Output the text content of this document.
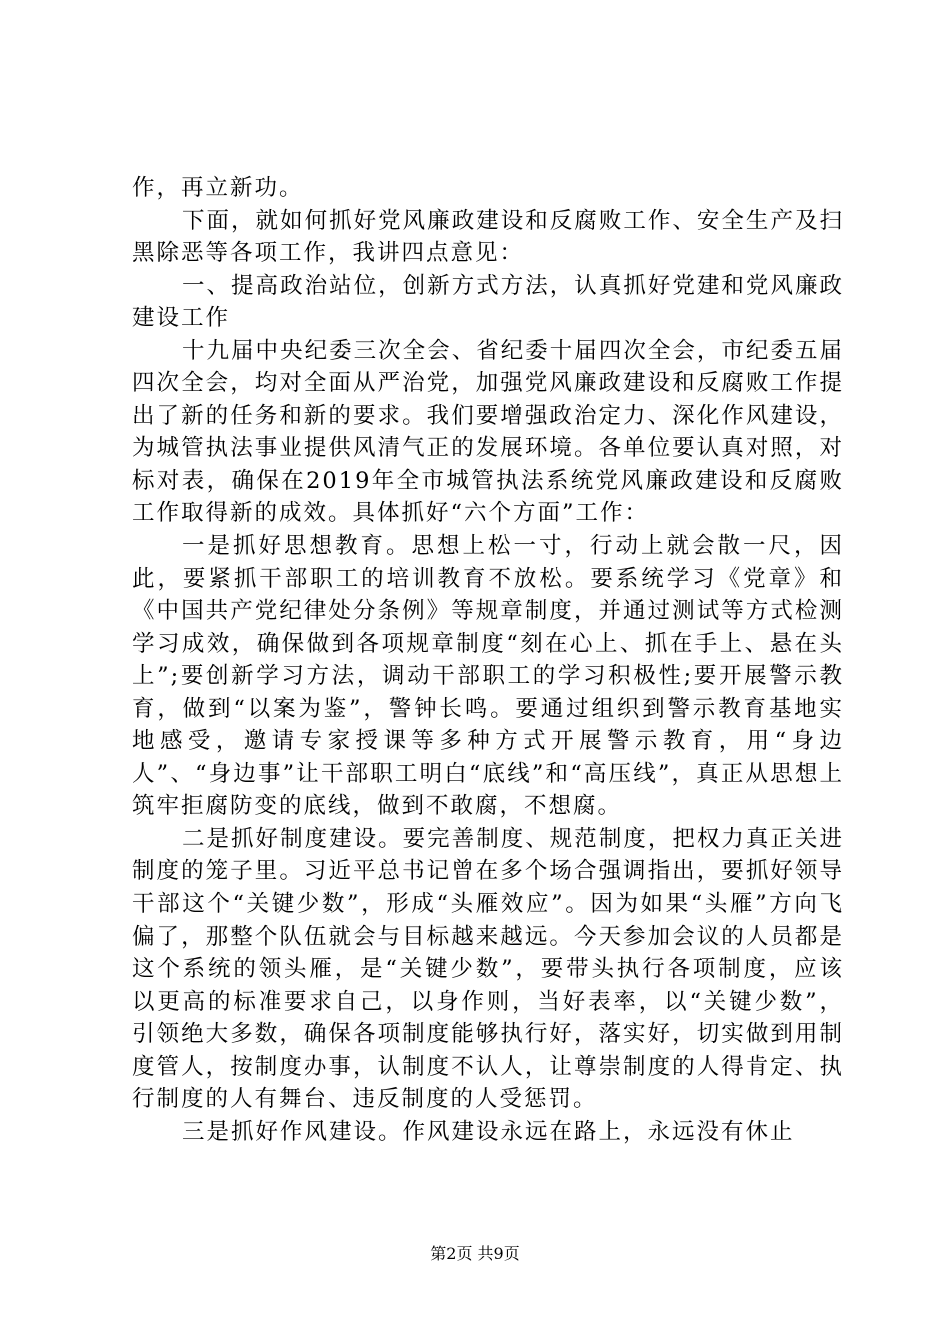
作，再立新功。

下面，就如何抓好党风廉政建设和反腐败工作、安全生产及扫黑除恶等各项工作，我讲四点意见：

一、提高政治站位，创新方式方法，认真抓好党建和党风廉政建设工作

十九届中央纪委三次全会、省纪委十届四次全会，市纪委五届四次全会，均对全面从严治党，加强党风廉政建设和反腐败工作提出了新的任务和新的要求。我们要增强政治定力、深化作风建设，为城管执法事业提供风清气正的发展环境。各单位要认真对照，对标对表，确保在2019年全市城管执法系统党风廉政建设和反腐败工作取得新的成效。具体抓好“六个方面”工作：

一是抓好思想教育。思想上松一寸，行动上就会散一尺，因此，要紧抓干部职工的培训教育不放松。要系统学习《党章》和《中国共产党纪律处分条例》等规章制度，并通过测试等方式检测学习成效，确保做到各项规章制度“刻在心上、抓在手上、悬在头上”;要创新学习方法，调动干部职工的学习积极性;要开展警示教育，做到“以案为鉴”，警钟长鸣。要通过组织到警示教育基地实地感受，邀请专家授课等多种方式开展警示教育，用“身边人”、“身边事”让干部职工明白“底线”和“高压线”，真正从思想上筑牢拒腐防变的底线，做到不敢腐，不想腐。

二是抓好制度建设。要完善制度、规范制度，把权力真正关进制度的笼子里。习近平总书记曾在多个场合强调指出，要抓好领导干部这个“关键少数”，形成“头雁效应”。因为如果“头雁”方向飞偏了，那整个队伍就会与目标越来越远。今天参加会议的人员都是这个系统的领头雁，是“关键少数”，要带头执行各项制度，应该以更高的标准要求自己，以身作则，当好表率，以“关键少数”，引领绝大多数，确保各项制度能够执行好，落实好，切实做到用制度管人，按制度办事，认制度不认人，让尊崇制度的人得肯定、执行制度的人有舞台、违反制度的人受惩罚。

三是抓好作风建设。作风建设永远在路上，永远没有休止

第2页 共9页
